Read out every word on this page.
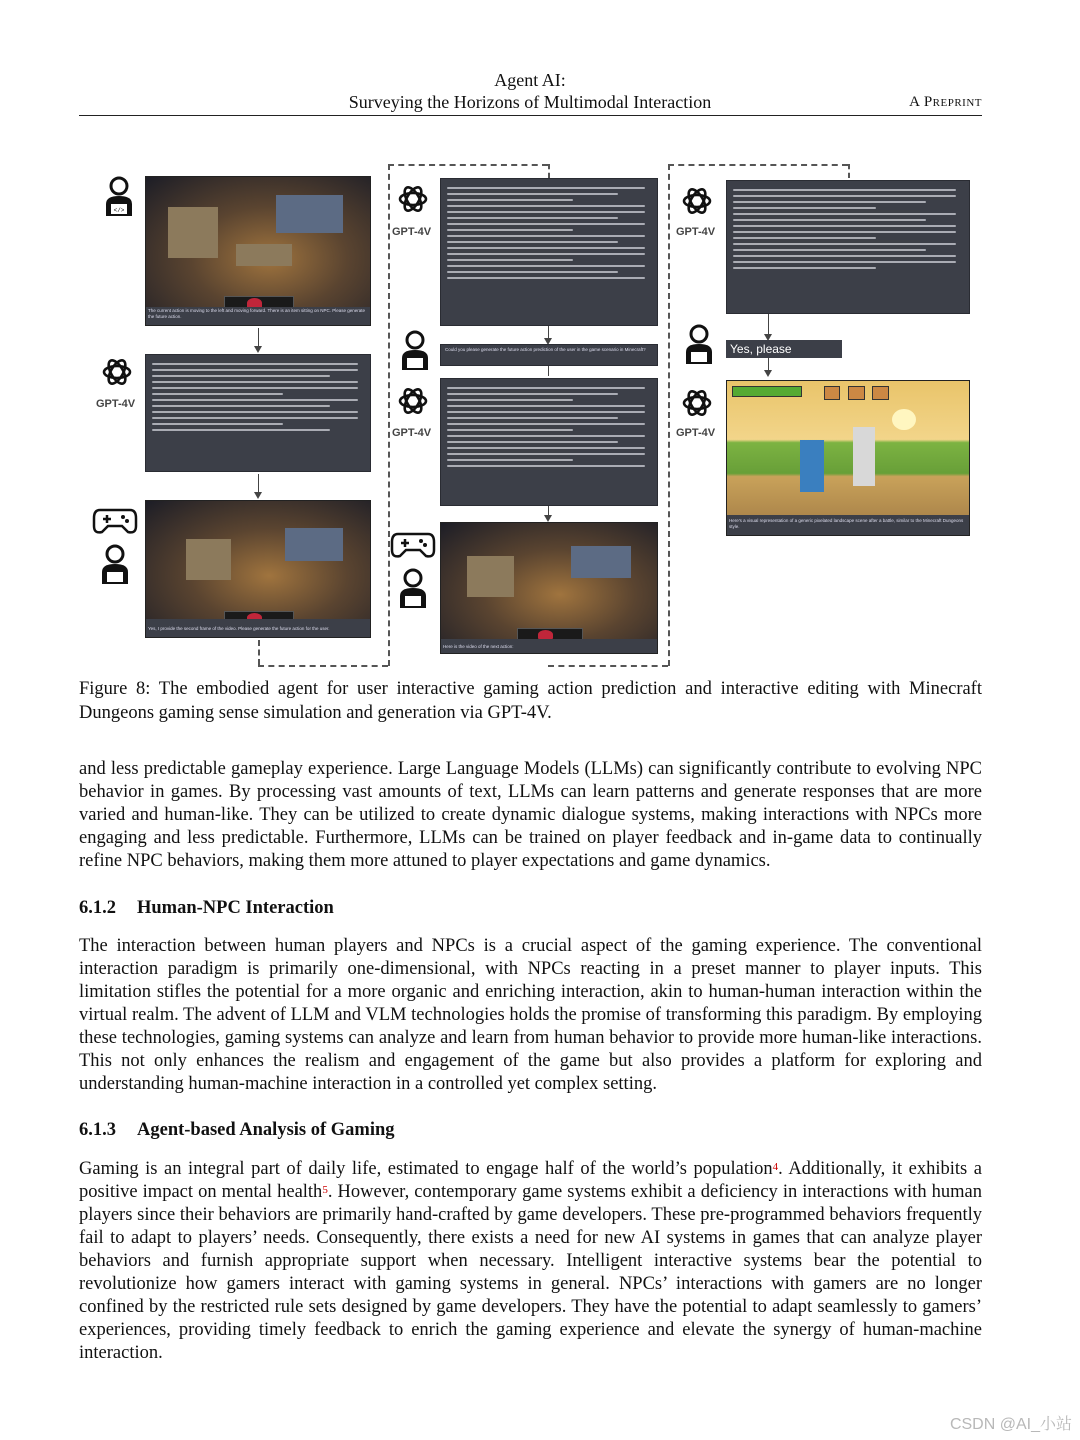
Agent AI:
Surveying the Horizons of Multimodal Interaction	A Preprint
</>
The current action is moving to the left and moving forward. There is an item sitting on NPC. Please generate the future action.
GPT-4V
Yes, I provide the second frame of the video. Please generate the future action for the user.
GPT-4V
Could you please generate the future action prediction of the user in the game scenario in Minecraft?
GPT-4V
Here is the video of the next action:
GPT-4V
Yes, please generate it.
GPT-4V
Here's a visual representation of a generic pixelated landscape scene after a battle, similar to the Minecraft Dungeons style.
Figure 8: The embodied agent for user interactive gaming action prediction and interactive editing with Minecraft Dungeons gaming sense simulation and generation via GPT-4V.
and less predictable gameplay experience. Large Language Models (LLMs) can significantly contribute to evolving NPC behavior in games. By processing vast amounts of text, LLMs can learn patterns and generate responses that are more varied and human-like. They can be utilized to create dynamic dialogue systems, making interactions with NPCs more engaging and less predictable. Furthermore, LLMs can be trained on player feedback and in-game data to continually refine NPC behaviors, making them more attuned to player expectations and game dynamics.
6.1.2 Human-NPC Interaction
The interaction between human players and NPCs is a crucial aspect of the gaming experience. The conventional interaction paradigm is primarily one-dimensional, with NPCs reacting in a preset manner to player inputs. This limitation stifles the potential for a more organic and enriching interaction, akin to human-human interaction within the virtual realm. The advent of LLM and VLM technologies holds the promise of transforming this paradigm. By employing these technologies, gaming systems can analyze and learn from human behavior to provide more human-like interactions. This not only enhances the realism and engagement of the game but also provides a platform for exploring and understanding human-machine interaction in a controlled yet complex setting.
6.1.3 Agent-based Analysis of Gaming
Gaming is an integral part of daily life, estimated to engage half of the world’s population$^4$. Additionally, it exhibits a positive impact on mental health$^5$. However, contemporary game systems exhibit a deficiency in interactions with human players since their behaviors are primarily hand-crafted by game developers. These pre-programmed behaviors frequently fail to adapt to players’ needs. Consequently, there exists a need for new AI systems in games that can analyze player behaviors and furnish appropriate support when necessary. Intelligent interactive systems bear the potential to revolutionize how gamers interact with gaming systems in general. NPCs’ interactions with gamers are no longer confined by the restricted rule sets designed by game developers. They have the potential to adapt seamlessly to gamers’ experiences, providing timely feedback to enrich the gaming experience and elevate the synergy of human-machine interaction.
CSDN @AI_小站
